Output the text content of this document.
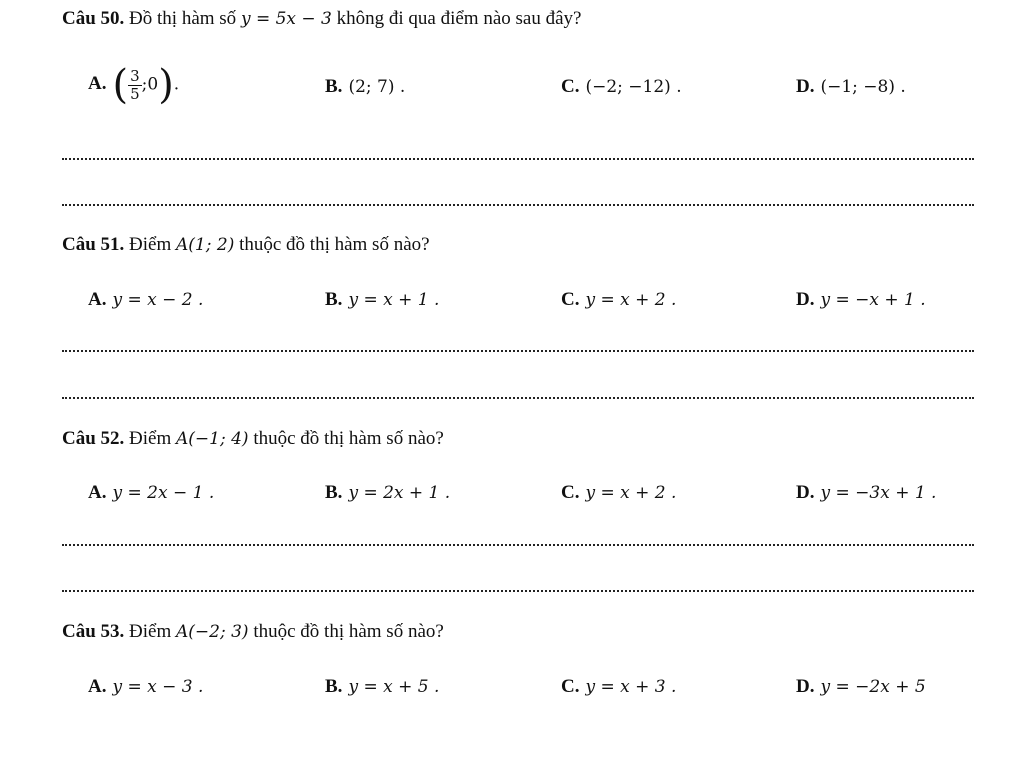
Câu 50. Đồ thị hàm số y = 5x − 3 không đi qua điểm nào sau đây?
A. ( $\frac{3}{5}$ ;0).	B. (2; 7) .	C. (−2; −12) .	D. (−1; −8) .
Câu 51. Điểm A(1; 2) thuộc đồ thị hàm số nào?
A. y = x − 2 .	B. y = x + 1 .	C. y = x + 2 .	D. y = −x + 1 .
Câu 52. Điểm A(−1; 4) thuộc đồ thị hàm số nào?
A. y = 2x − 1 .	B. y = 2x + 1 .	C. y = x + 2 .	D. y = −3x + 1 .
Câu 53. Điểm A(−2; 3) thuộc đồ thị hàm số nào?
A. y = x − 3 .	B. y = x + 5 .	C. y = x + 3 .	D. y = −2x + 5
